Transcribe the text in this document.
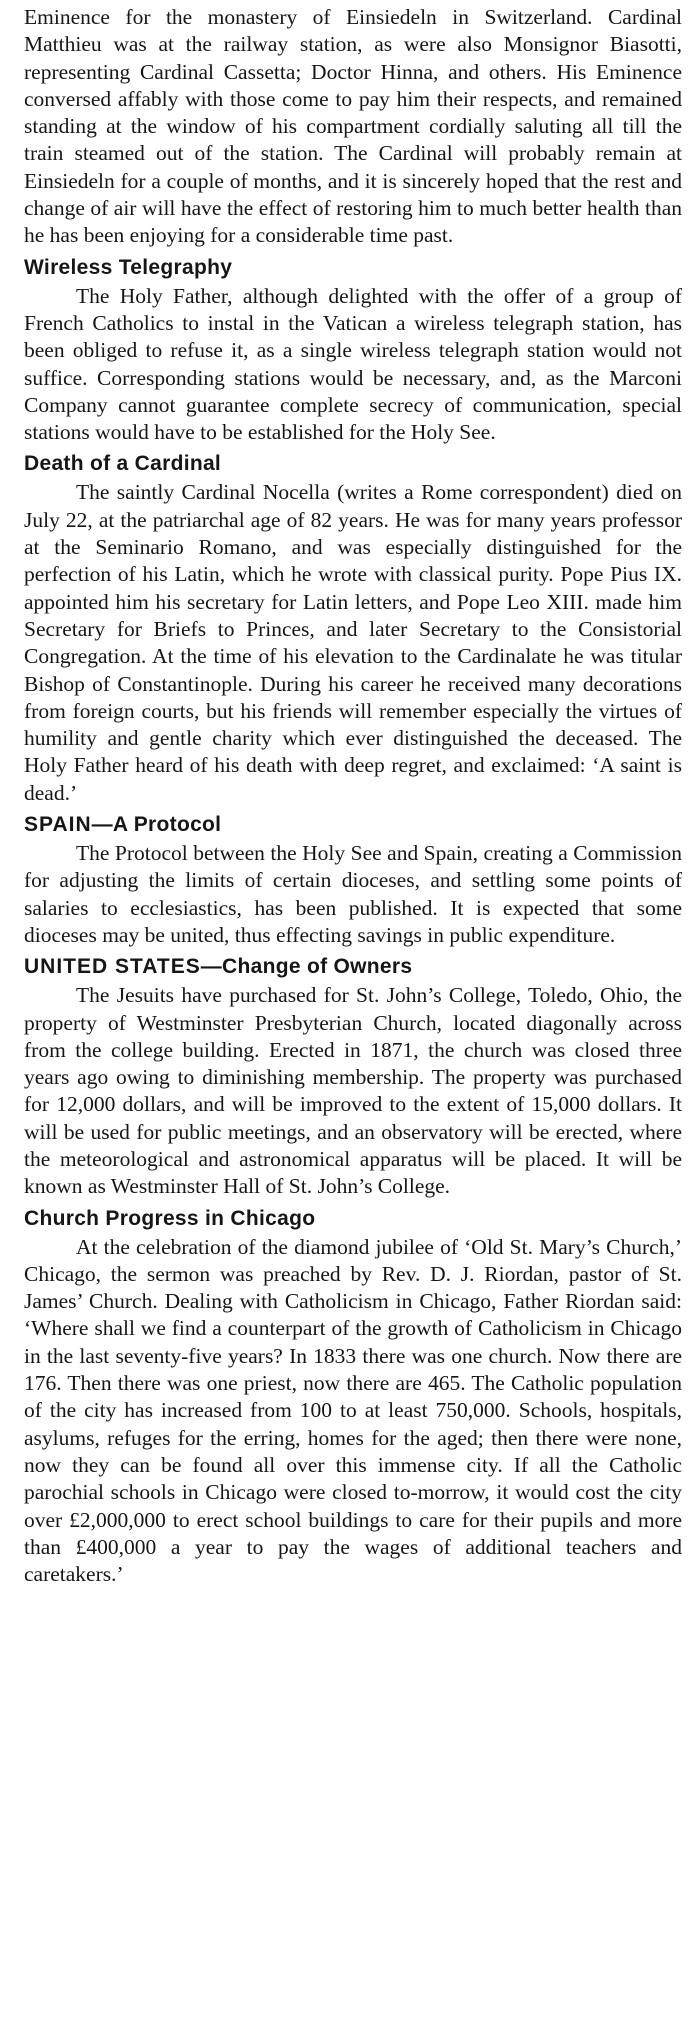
Eminence for the monastery of Einsiedeln in Switzerland. Cardinal Matthieu was at the railway station, as were also Monsignor Biasotti, representing Cardinal Cassetta; Doctor Hinna, and others. His Eminence conversed affably with those come to pay him their respects, and remained standing at the window of his compartment cordially saluting all till the train steamed out of the station. The Cardinal will probably remain at Einsiedeln for a couple of months, and it is sincerely hoped that the rest and change of air will have the effect of restoring him to much better health than he has been enjoying for a considerable time past.

Wireless Telegraphy

The Holy Father, although delighted with the offer of a group of French Catholics to instal in the Vatican a wireless telegraph station, has been obliged to refuse it, as a single wireless telegraph station would not suffice. Corresponding stations would be necessary, and, as the Marconi Company cannot guarantee complete secrecy of communication, special stations would have to be established for the Holy See.

Death of a Cardinal

The saintly Cardinal Nocella (writes a Rome correspondent) died on July 22, at the patriarchal age of 82 years. He was for many years professor at the Seminario Romano, and was especially distinguished for the perfection of his Latin, which he wrote with classical purity. Pope Pius IX. appointed him his secretary for Latin letters, and Pope Leo XIII. made him Secretary for Briefs to Princes, and later Secretary to the Consistorial Congregation. At the time of his elevation to the Cardinalate he was titular Bishop of Constantinople. During his career he received many decorations from foreign courts, but his friends will remember especially the virtues of humility and gentle charity which ever distinguished the deceased. The Holy Father heard of his death with deep regret, and exclaimed: ‘A saint is dead.’

SPAIN—A Protocol

The Protocol between the Holy See and Spain, creating a Commission for adjusting the limits of certain dioceses, and settling some points of salaries to ecclesiastics, has been published. It is expected that some dioceses may be united, thus effecting savings in public expenditure.

UNITED STATES—Change of Owners

The Jesuits have purchased for St. John’s College, Toledo, Ohio, the property of Westminster Presbyterian Church, located diagonally across from the college building. Erected in 1871, the church was closed three years ago owing to diminishing membership. The property was purchased for 12,000 dollars, and will be improved to the extent of 15,000 dollars. It will be used for public meetings, and an observatory will be erected, where the meteorological and astronomical apparatus will be placed. It will be known as Westminster Hall of St. John’s College.

Church Progress in Chicago

At the celebration of the diamond jubilee of ‘Old St. Mary’s Church,’ Chicago, the sermon was preached by Rev. D. J. Riordan, pastor of St. James’ Church. Dealing with Catholicism in Chicago, Father Riordan said: ‘Where shall we find a counterpart of the growth of Catholicism in Chicago in the last seventy-five years? In 1833 there was one church. Now there are 176. Then there was one priest, now there are 465. The Catholic population of the city has increased from 100 to at least 750,000. Schools, hospitals, asylums, refuges for the erring, homes for the aged; then there were none, now they can be found all over this immense city. If all the Catholic parochial schools in Chicago were closed to-morrow, it would cost the city over £2,000,000 to erect school buildings to care for their pupils and more than £400,000 a year to pay the wages of additional teachers and caretakers.’
